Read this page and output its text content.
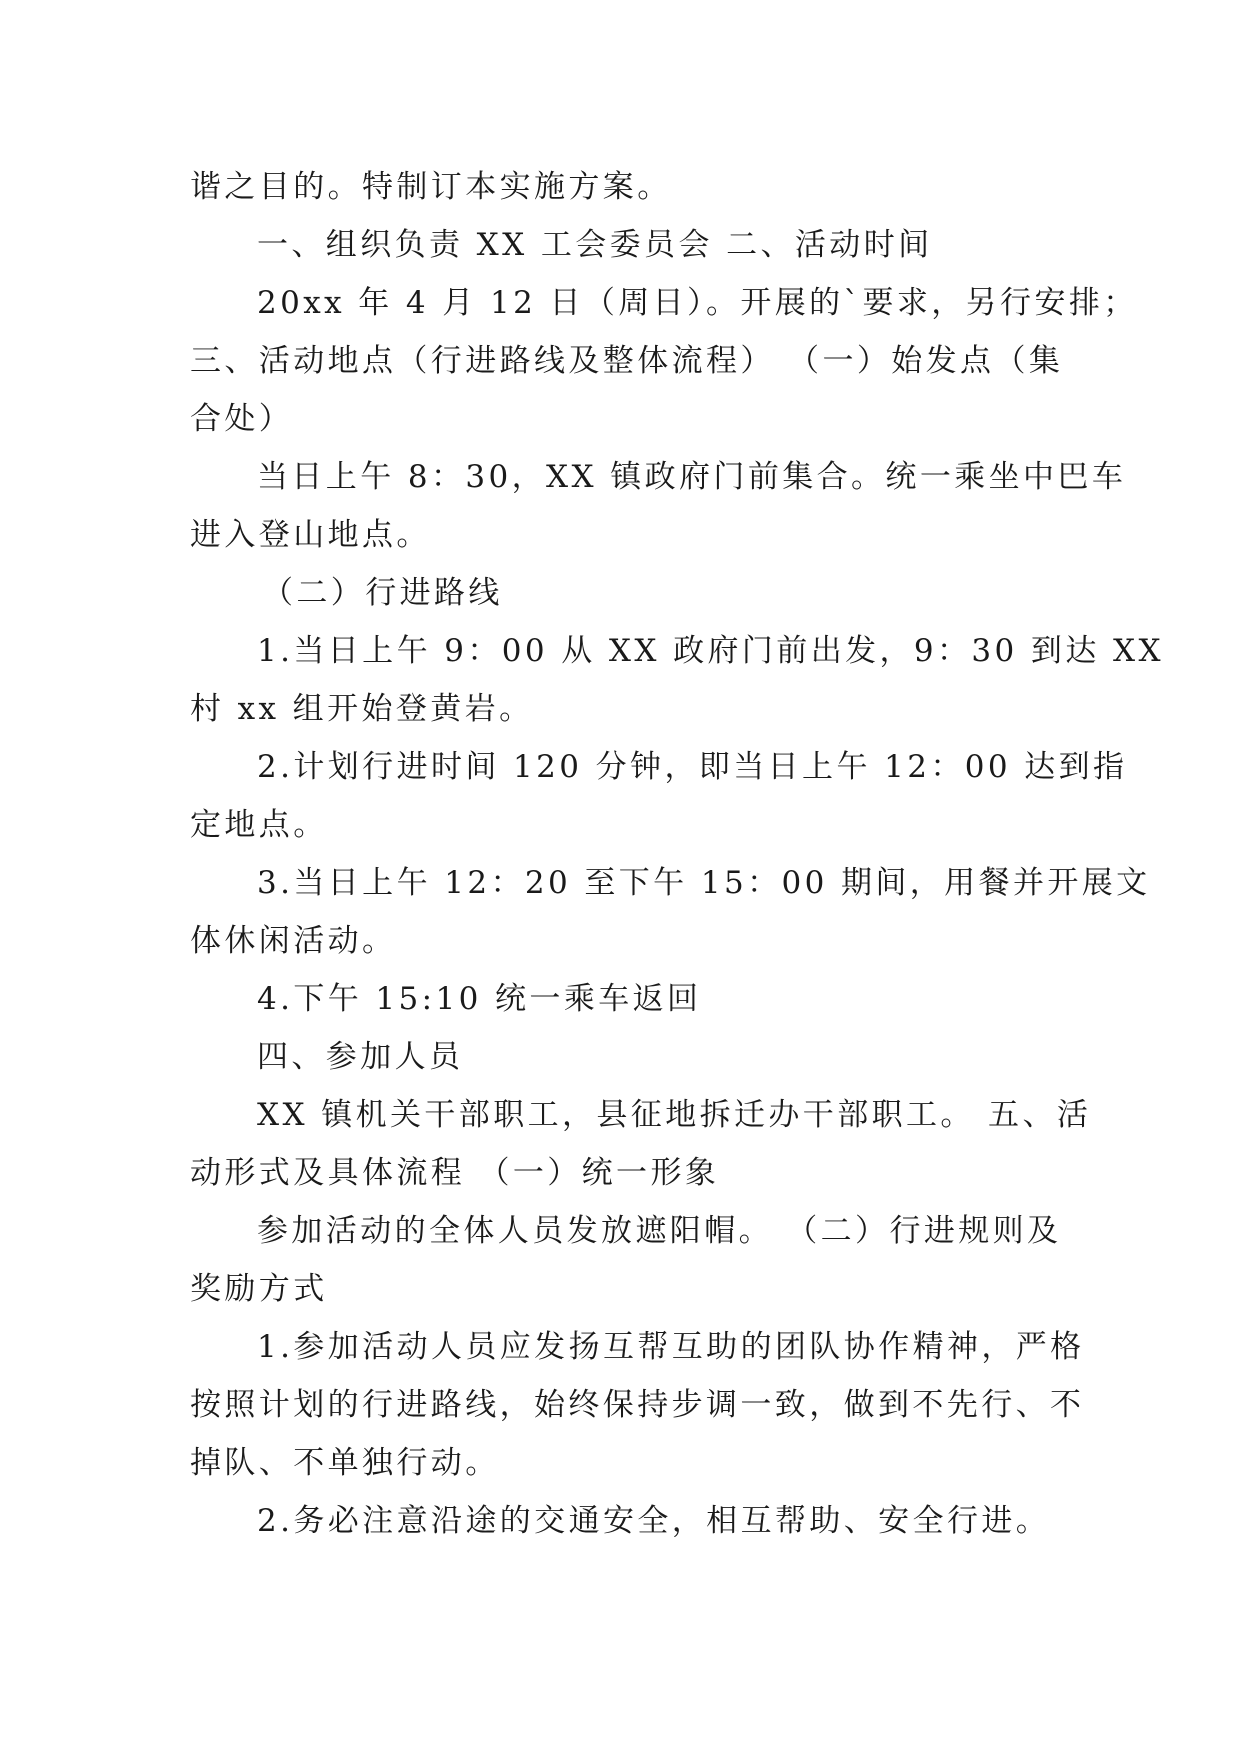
谐之目的。特制订本实施方案。
一、组织负责 XX 工会委员会 二、活动时间
20xx 年 4 月 12 日（周日）。开展的`要求，另行安排；
三、活动地点（行进路线及整体流程） （一）始发点（集
合处）
当日上午 8：30，XX 镇政府门前集合。统一乘坐中巴车
进入登山地点。
（二）行进路线
1.当日上午 9：00 从 XX 政府门前出发，9：30 到达 XX
村 xx 组开始登黄岩。
2.计划行进时间 120 分钟，即当日上午 12：00 达到指
定地点。
3.当日上午 12：20 至下午 15：00 期间，用餐并开展文
体休闲活动。
4.下午 15:10 统一乘车返回
四、参加人员
XX 镇机关干部职工，县征地拆迁办干部职工。 五、活
动形式及具体流程 （一）统一形象
参加活动的全体人员发放遮阳帽。 （二）行进规则及
奖励方式
1.参加活动人员应发扬互帮互助的团队协作精神，严格
按照计划的行进路线，始终保持步调一致，做到不先行、不
掉队、不单独行动。
2.务必注意沿途的交通安全，相互帮助、安全行进。
